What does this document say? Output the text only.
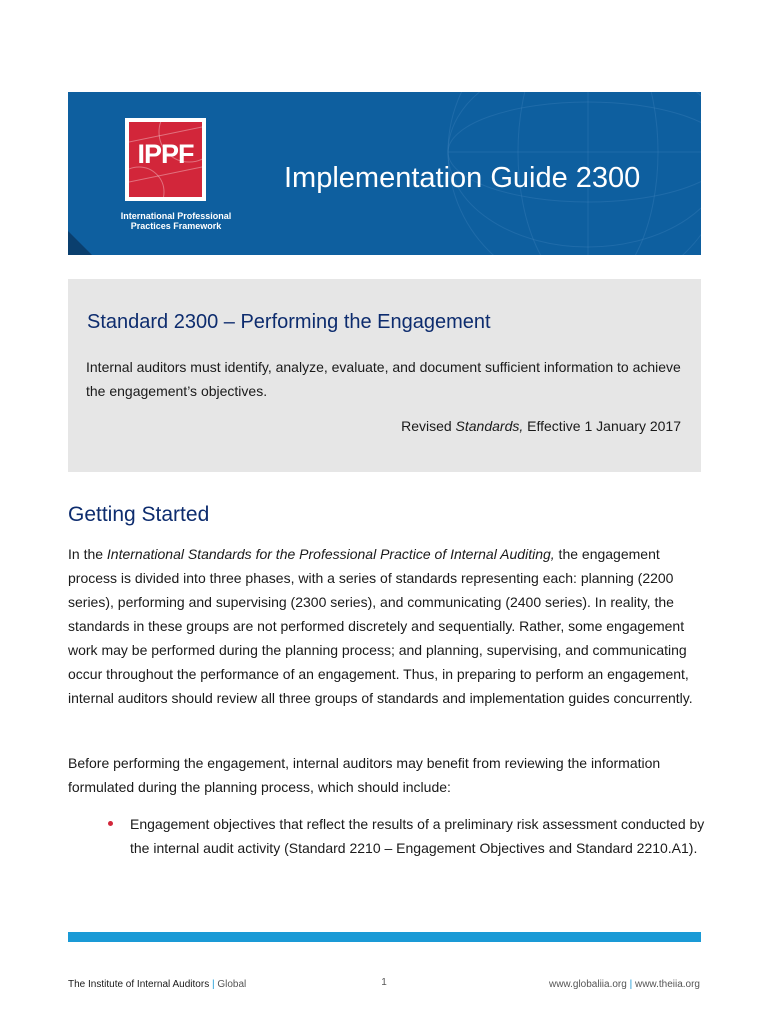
IPPF
International Professional
Practices Framework
Implementation Guide 2300
Standard 2300 – Performing the Engagement
Internal auditors must identify, analyze, evaluate, and document sufficient information to achieve the engagement’s objectives.
Revised Standards, Effective 1 January 2017
Getting Started
In the International Standards for the Professional Practice of Internal Auditing, the engagement process is divided into three phases, with a series of standards representing each: planning (2200 series), performing and supervising (2300 series), and communicating (2400 series). In reality, the standards in these groups are not performed discretely and sequentially. Rather, some engagement work may be performed during the planning process; and planning, supervising, and communicating occur throughout the performance of an engagement. Thus, in preparing to perform an engagement, internal auditors should review all three groups of standards and implementation guides concurrently.
Before performing the engagement, internal auditors may benefit from reviewing the information formulated during the planning process, which should include:
Engagement objectives that reflect the results of a preliminary risk assessment conducted by the internal audit activity (Standard 2210 – Engagement Objectives and Standard 2210.A1).
The Institute of Internal Auditors | Global	1	www.globaliia.org | www.theiia.org
